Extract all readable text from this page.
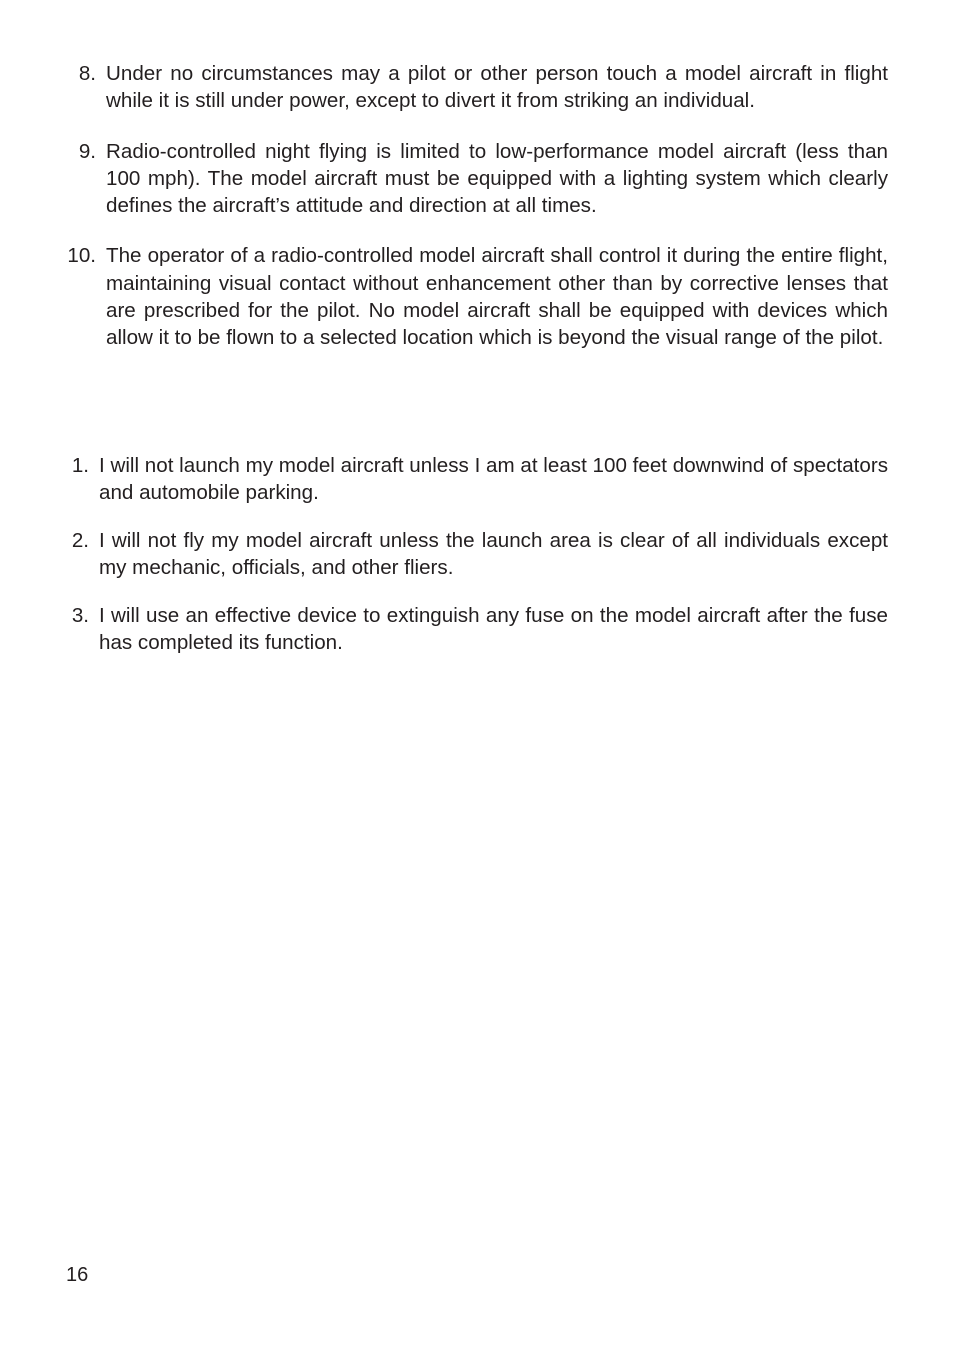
8. Under no circumstances may a pilot or other person touch a model aircraft in flight while it is still under power, except to divert it from striking an individual.
9. Radio-controlled night flying is limited to low-performance model aircraft (less than 100 mph). The model aircraft must be equipped with a lighting system which clearly defines the aircraft’s attitude and direction at all times.
10. The operator of a radio-controlled model aircraft shall control it during the entire flight, maintaining visual contact without enhancement other than by corrective lenses that are prescribed for the pilot. No model aircraft shall be equipped with devices which allow it to be flown to a selected location which is beyond the visual range of the pilot.
1. I will not launch my model aircraft unless I am at least 100 feet downwind of spectators and automobile parking.
2. I will not fly my model aircraft unless the launch area is clear of all individuals except my mechanic, officials, and other fliers.
3. I will use an effective device to extinguish any fuse on the model aircraft after the fuse has completed its function.
16
